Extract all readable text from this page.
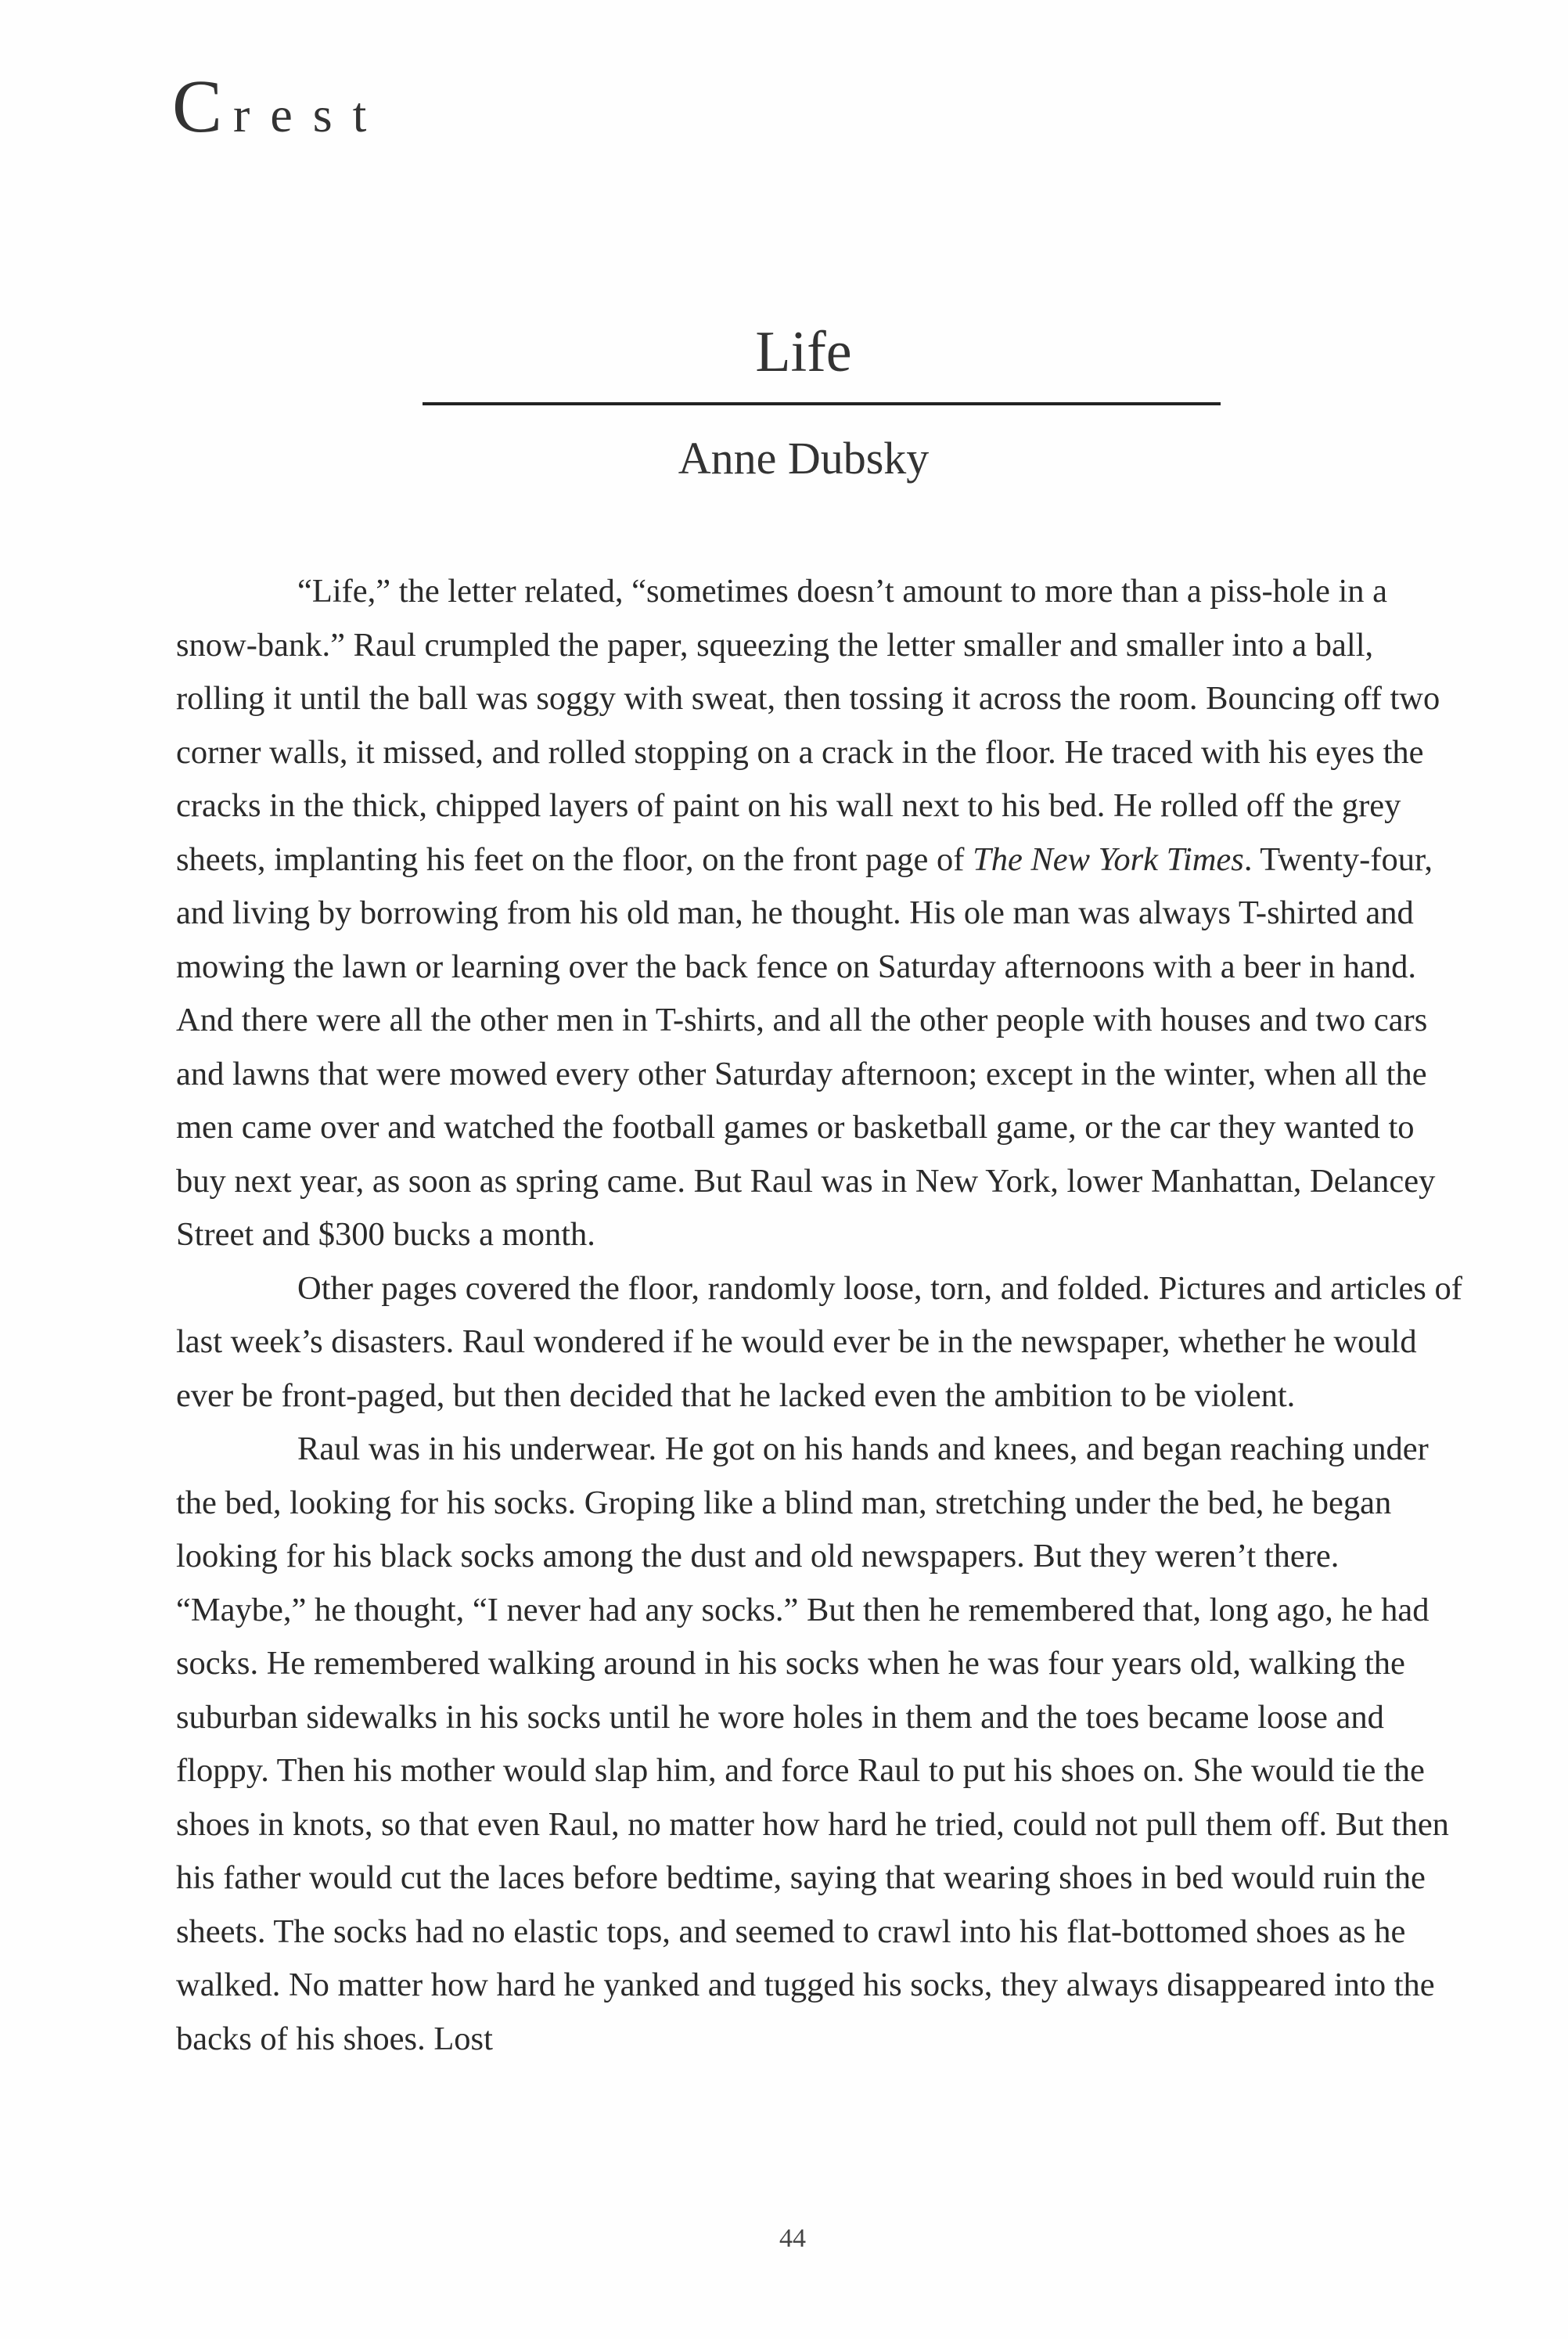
Crest
Life
Anne Dubsky

“Life,” the letter related, “sometimes doesn’t amount to more than a piss-hole in a snow-bank.” Raul crumpled the paper, squeezing the letter smaller and smaller into a ball, rolling it until the ball was soggy with sweat, then tossing it across the room. Bouncing off two corner walls, it missed, and rolled stopping on a crack in the floor. He traced with his eyes the cracks in the thick, chipped layers of paint on his wall next to his bed. He rolled off the grey sheets, implanting his feet on the floor, on the front page of The New York Times. Twenty-four, and living by borrowing from his old man, he thought. His ole man was always T-shirted and mowing the lawn or learning over the back fence on Saturday afternoons with a beer in hand. And there were all the other men in T-shirts, and all the other people with houses and two cars and lawns that were mowed every other Saturday afternoon; except in the winter, when all the men came over and watched the football games or basketball game, or the car they wanted to buy next year, as soon as spring came. But Raul was in New York, lower Manhattan, Delancey Street and $300 bucks a month.

Other pages covered the floor, randomly loose, torn, and folded. Pictures and articles of last week’s disasters. Raul wondered if he would ever be in the newspaper, whether he would ever be front-paged, but then decided that he lacked even the ambition to be violent.

Raul was in his underwear. He got on his hands and knees, and began reaching under the bed, looking for his socks. Groping like a blind man, stretching under the bed, he began looking for his black socks among the dust and old newspapers. But they weren’t there. “Maybe,” he thought, “I never had any socks.” But then he remembered that, long ago, he had socks. He remembered walking around in his socks when he was four years old, walking the suburban sidewalks in his socks until he wore holes in them and the toes became loose and floppy. Then his mother would slap him, and force Raul to put his shoes on. She would tie the shoes in knots, so that even Raul, no matter how hard he tried, could not pull them off. But then his father would cut the laces before bedtime, saying that wearing shoes in bed would ruin the sheets. The socks had no elastic tops, and seemed to crawl into his flat-bottomed shoes as he walked. No matter how hard he yanked and tugged his socks, they always disappeared into the backs of his shoes. Lost

44
